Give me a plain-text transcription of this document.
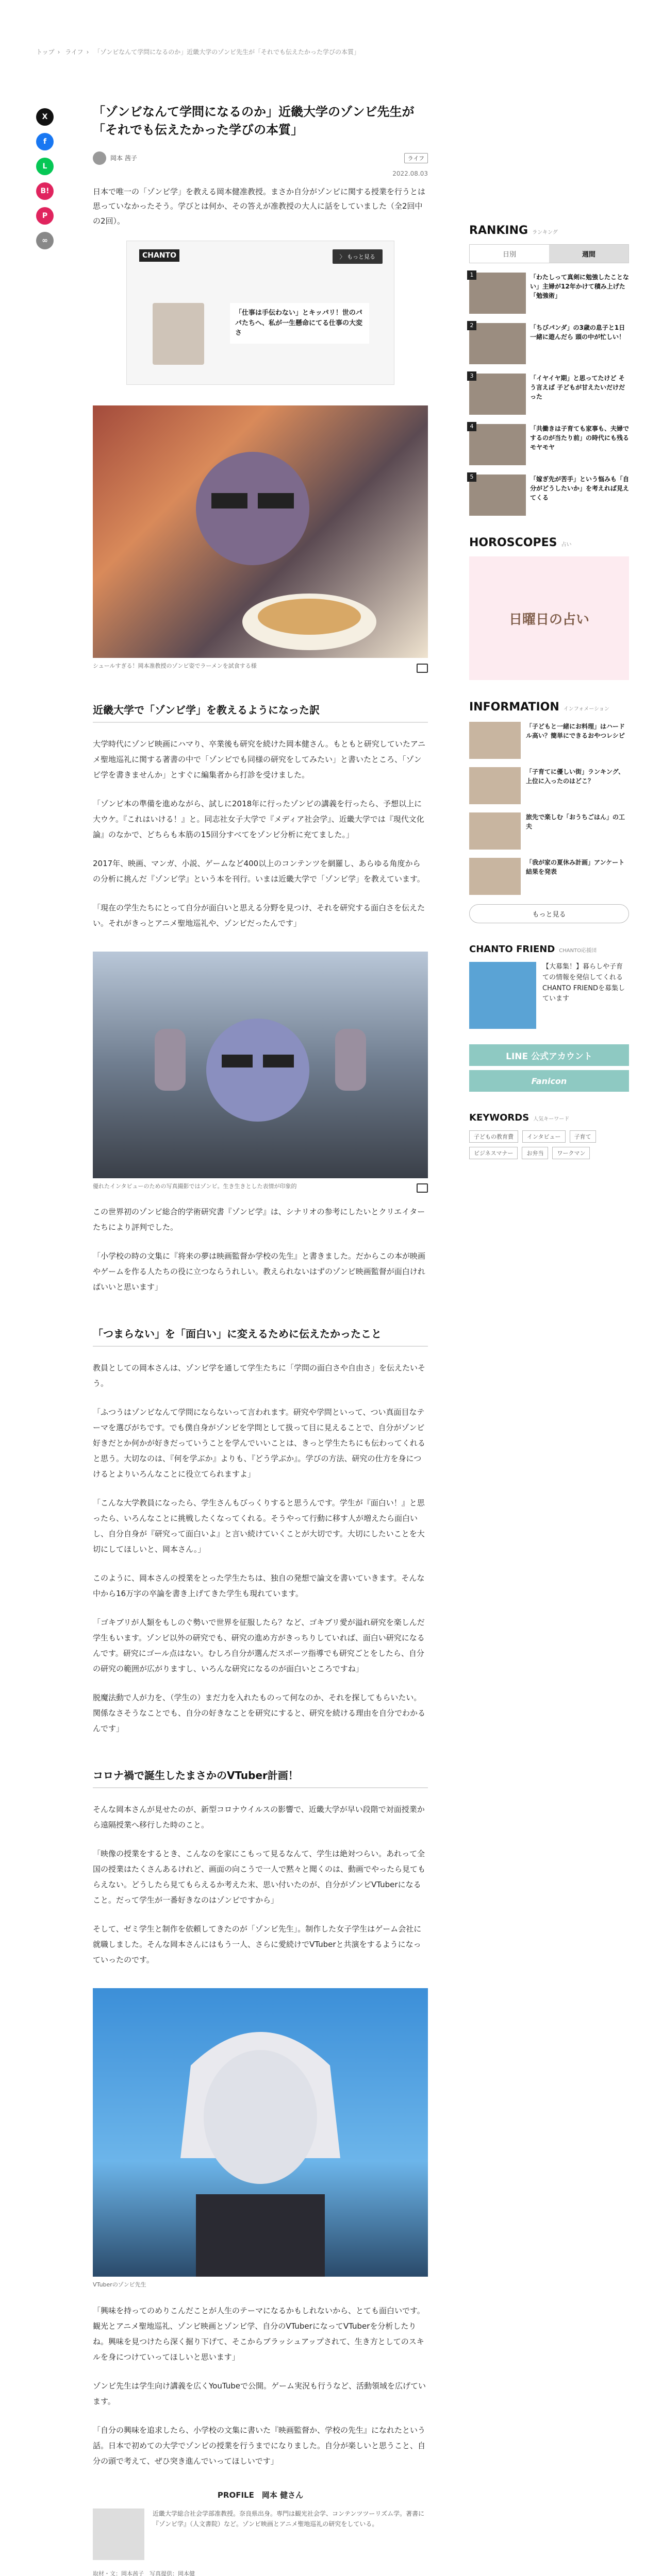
トップ › ライフ › 「ゾンビなんて学問になるのか」近畿大学のゾンビ先生が「それでも伝えたかった学びの本質」
X
f
L
B!
P
∞
「ゾンビなんて学問になるのか」近畿大学のゾンビ先生が「それでも伝えたかった学びの本質」
岡本 茜子	ライフ
2022.08.03

日本で唯一の「ゾンビ学」を教える岡本健准教授。まさか自分がゾンビに関する授業を行うとは思っていなかったそう。学びとは何か、その答えが准教授の大人に話をしていました（全2回中の2回）。

CHANTO	〉 もっと見る
「仕事は手伝わない」とキッパリ！世のパパたちへ、私が一生懸命にてる仕事の大変さ
シュールすぎる！岡本准教授のゾンビ姿でラーメンを試食する様
近畿大学で「ゾンビ学」を教えるようになった訳

大学時代にゾンビ映画にハマり、卒業後も研究を続けた岡本健さん。もともと研究していたアニメ聖地巡礼に関する著書の中で「ゾンビでも同様の研究をしてみたい」と書いたところ、「ゾンビ学を書きませんか」とすぐに編集者から打診を受けました。

「ゾンビ本の準備を進めながら、試しに2018年に行ったゾンビの講義を行ったら、予想以上に大ウケ。『これはいける！』と。同志社女子大学で『メディア社会学』、近畿大学では『現代文化論』のなかで、どちらも本筋の15回分すべてをゾンビ分析に充てました。」

2017年、映画、マンガ、小説、ゲームなど400以上のコンテンツを網羅し、あらゆる角度からの分析に挑んだ『ゾンビ学』という本を刊行。いまは近畿大学で「ゾンビ学」を教えています。

「現在の学生たちにとって自分が面白いと思える分野を見つけ、それを研究する面白さを伝えたい。それがきっとアニメ聖地巡礼や、ゾンビだったんです」

優れたインタビューのための写真撮影ではゾンビ。生き生きとした表情が印象的

この世界初のゾンビ総合的学術研究書『ゾンビ学』は、シナリオの参考にしたいとクリエイターたちにより評判でした。

「小学校の時の文集に『将来の夢は映画監督か学校の先生』と書きました。だからこの本が映画やゲームを作る人たちの役に立つならうれしい。教えられないはずのゾンビ映画監督が面白ければいいと思います」

「つまらない」を「面白い」に変えるために伝えたかったこと

教員としての岡本さんは、ゾンビ学を通して学生たちに「学問の面白さや自由さ」を伝えたいそう。

「ふつうはゾンビなんて学問にならないって言われます。研究や学問といって、つい真面目なテーマを選びがちです。でも僕自身がゾンビを学問として扱って目に見えることで、自分がゾンビ好きだとか何かが好きだっていうことを学んでいいことは、きっと学生たちにも伝わってくれると思う。大切なのは、『何を学ぶか』よりも、『どう学ぶか』。学びの方法、研究の仕方を身につけるとよりいろんなことに役立てられますよ」

「こんな大学教員になったら、学生さんもびっくりすると思うんです。学生が『面白い！』と思ったら、いろんなことに挑戦したくなってくれる。そうやって行動に移す人が増えたら面白いし、自分自身が『研究って面白いよ』と言い続けていくことが大切です。大切にしたいことを大切にしてほしいと、岡本さん。」

このように、岡本さんの授業をとった学生たちは、独自の発想で論文を書いていきます。そんな中から16万字の卒論を書き上げてきた学生も現れています。

「ゴキブリが人類をもしのぐ勢いで世界を征服したら？など、ゴキブリ愛が溢れ研究を楽しんだ学生もいます。ゾンビ以外の研究でも、研究の進め方がきっちりしていれば、面白い研究になるんです。研究にゴール点はない。むしろ自分が選んだスポーツ指導でも研究ごとをしたら、自分の研究の範囲が広がりますし、いろんな研究になるのが面白いところですね」

脱魔法動で人が力を、（学生の）まだ力を入れたものって何なのか、それを探してもらいたい。関係なさそうなことでも、自分の好きなことを研究にすると、研究を続ける理由を自分でわかるんです」

コロナ禍で誕生したまさかのVTuber計画！

そんな岡本さんが見せたのが、新型コロナウイルスの影響で、近畿大学が早い段階で対面授業から遠隔授業へ移行した時のこと。

「映像の授業をするとき、こんなのを家にこもって見るなんて、学生は絶対つらい。あれって全国の授業はたくさんあるけれど、画面の向こうで一人で黙々と聞くのは、動画でやったら見てもらえない。どうしたら見てもらえるか考えた末、思い付いたのが、自分がゾンビVTuberになること。だって学生が一番好きなのはゾンビですから」

そして、ゼミ学生と制作を依頼してきたのが「ゾンビ先生」。制作した女子学生はゲーム会社に就職しました。そんな岡本さんにはもう一人、さらに愛続けでVTuberと共演をするようになっていったのです。

VTuberのゾンビ先生

「興味を持ってのめりこんだことが人生のテーマになるかもしれないから、とても面白いです。観光とアニメ聖地巡礼、ゾンビ映画とゾンビ学、自分のVTuberになってVTuberを分析したりね。興味を見つけたら深く掘り下げて、そこからブラッシュアップされて、生き方としてのスキルを身につけていってほしいと思います」

ゾンビ先生は学生向け講義を広くYouTubeで公開。ゲーム実況も行うなど、活動領域を広げています。

「自分の興味を追求したら、小学校の文集に書いた『映画監督か、学校の先生』になれたという話。日本で初めての大学でゾンビの授業を行うまでになりました。自分が楽しいと思うこと、自分の頭で考えて、ぜひ突き進んでいってほしいです」

PROFILE　岡本 健さん
近畿大学総合社会学部准教授。奈良県出身。専門は観光社会学、コンテンツツーリズム学。著書に『ゾンビ学』（人文書院）など。ゾンビ映画とアニメ聖地巡礼の研究をしている。
取材・文：岡本茜子　写真提供：岡本健
RANKING ランキング
日別	週間
1	「わたしって真剣に勉強したことない」主婦が12年かけて積み上げた「勉強術」
2	「ちびパンダ」の3歳の息子と1日一緒に遊んだら 頭の中が忙しい！
3	「イヤイヤ期」と思ってたけど そう言えば 子どもが甘えたいだけだった
4	「共働きは子育ても家事も、夫婦でするのが当たり前」の時代にも残るモヤモヤ
5	「嫁ぎ先が苦手」という悩みも「自分がどうしたいか」を考えれば見えてくる
HOROSCOPES 占い
日曜日の占い
INFORMATION インフォメーション
「子どもと一緒にお料理」はハードル高い？簡単にできるおやつレシピ
「子育てに優しい街」ランキング、上位に入ったのはどこ？
旅先で楽しむ「おうちごはん」の工夫
「我が家の夏休み計画」アンケート結果を発表
もっと見る
CHANTO FRIEND CHANTO応援団
【大募集！】暮らしや子育ての情報を発信してくれるCHANTO FRIENDを募集しています
LINE 公式アカウント
Fanicon
KEYWORDS 人気キーワード
子どもの教育費	インタビュー	子育て
ビジネスマナー	お弁当	ワークマン
